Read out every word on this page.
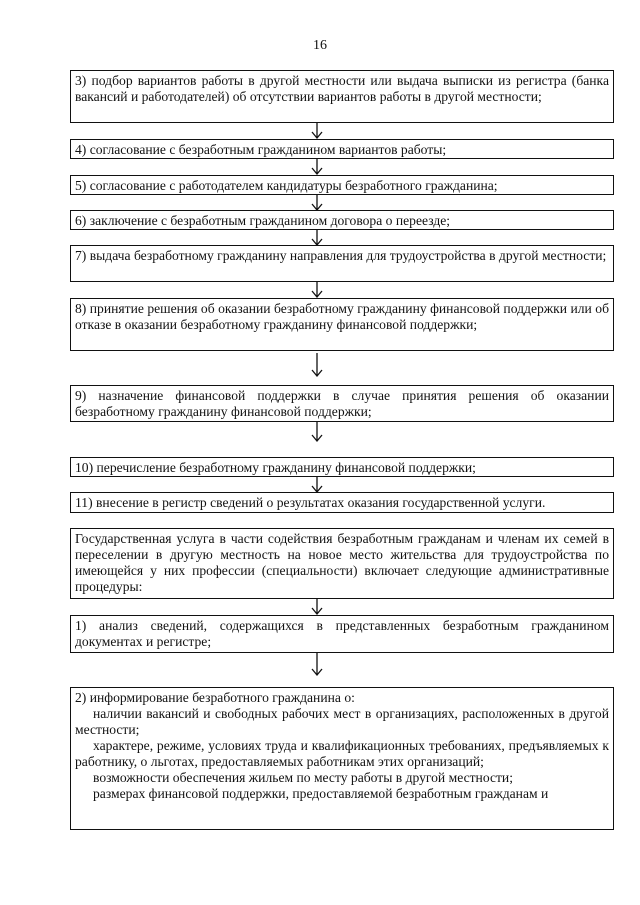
16

3) подбор вариантов работы в другой местности или выдача выписки из регистра (банка вакансий и работодателей) об отсутствии вариантов работы в другой местности;

4) согласование с безработным гражданином вариантов работы;

5) согласование с работодателем кандидатуры безработного гражданина;

6) заключение с безработным гражданином договора о переезде;

7) выдача безработному гражданину направления для трудоустройства в другой местности;

8) принятие решения об оказании безработному гражданину финансовой поддержки или об отказе в оказании безработному гражданину финансовой поддержки;

9) назначение финансовой поддержки в случае принятия решения об оказании безработному гражданину финансовой поддержки;

10) перечисление безработному гражданину финансовой поддержки;

11) внесение в регистр сведений о результатах оказания государственной услуги.

Государственная услуга в части содействия безработным гражданам и членам их семей в переселении в другую местность на новое место жительства для трудоустройства по имеющейся у них профессии (специальности) включает следующие административные процедуры:

1) анализ сведений, содержащихся в представленных безработным гражданином документах и регистре;

2) информирование безработного гражданина о:

наличии вакансий и свободных рабочих мест в организациях, расположенных в другой местности;

характере, режиме, условиях труда и квалификационных требованиях, предъявляемых к работнику, о льготах, предоставляемых работникам этих организаций;

возможности обеспечения жильем по месту работы в другой местности;

размерах финансовой поддержки, предоставляемой безработным гражданам и
